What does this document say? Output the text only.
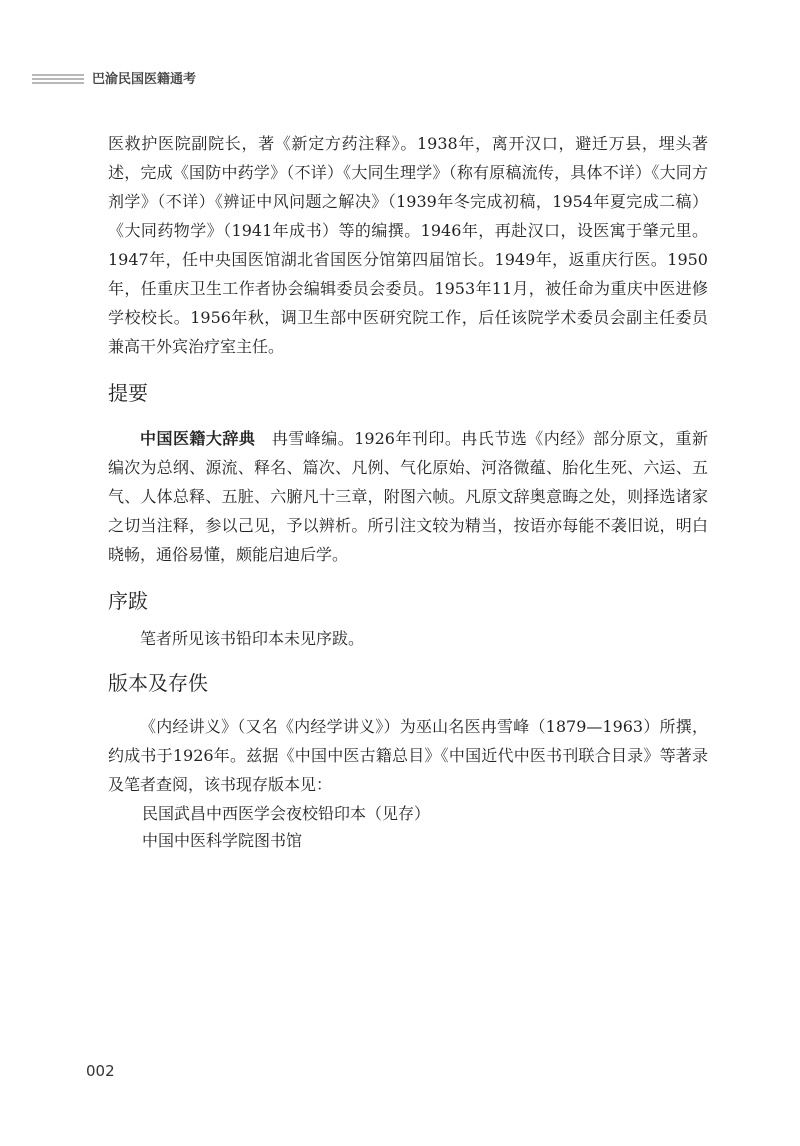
巴渝民国医籍通考

医救护医院副院长，著《新定方药注释》。1938年，离开汉口，避迁万县，埋头著述，完成《国防中药学》（不详）《大同生理学》（称有原稿流传，具体不详）《大同方剂学》（不详）《辨证中风问题之解决》（1939年冬完成初稿，1954年夏完成二稿）《大同药物学》（1941年成书）等的编撰。1946年，再赴汉口，设医寓于肇元里。1947年，任中央国医馆湖北省国医分馆第四届馆长。1949年，返重庆行医。1950年，任重庆卫生工作者协会编辑委员会委员。1953年11月，被任命为重庆中医进修学校校长。1956年秋，调卫生部中医研究院工作，后任该院学术委员会副主任委员兼高干外宾治疗室主任。

提要

中国医籍大辞典　 冉雪峰编。1926年刊印。冉氏节选《内经》部分原文，重新编次为总纲、源流、释名、篇次、凡例、气化原始、河洛微蕴、胎化生死、六运、五气、人体总释、五脏、六腑凡十三章，附图六帧。凡原文辞奥意晦之处，则择选诸家之切当注释，参以己见，予以辨析。所引注文较为精当，按语亦每能不袭旧说，明白晓畅，通俗易懂，颇能启迪后学。

序跋

笔者所见该书铅印本未见序跋。

版本及存佚

《内经讲义》（又名《内经学讲义》）为巫山名医冉雪峰（1879—1963）所撰，约成书于1926年。兹据《中国中医古籍总目》《中国近代中医书刊联合目录》等著录及笔者查阅，该书现存版本见：

民国武昌中西医学会夜校铅印本（见存）

中国中医科学院图书馆

002
